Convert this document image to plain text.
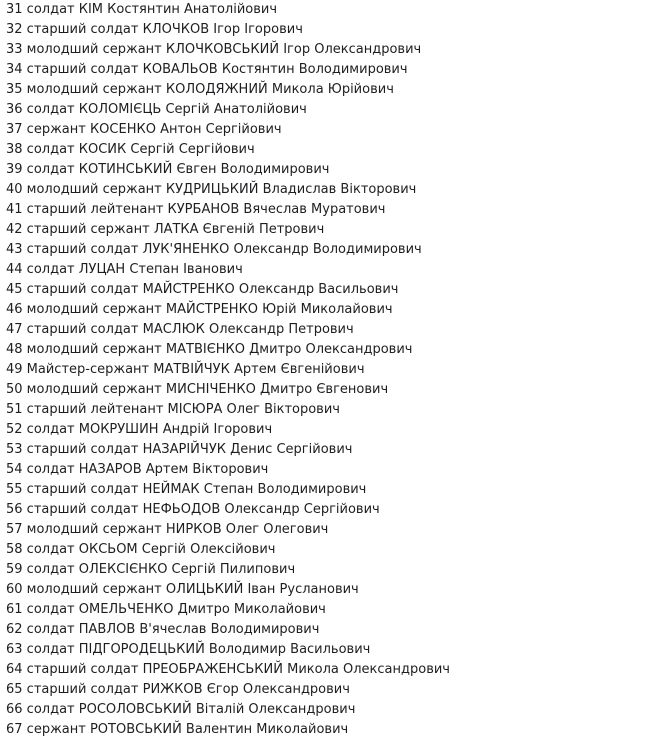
31 солдат КІМ Костянтин Анатолійович
32 старший солдат КЛОЧКОВ Ігор Ігорович
33 молодший сержант КЛОЧКОВСЬКИЙ Ігор Олександрович
34 старший солдат КОВАЛЬОВ Костянтин Володимирович
35 молодший сержант КОЛОДЯЖНИЙ Микола Юрійович
36 солдат КОЛОМІЄЦЬ Сергій Анатолійович
37 сержант КОСЕНКО Антон Сергійович
38 солдат КОСИК Сергій Сергійович
39 солдат КОТИНСЬКИЙ Євген Володимирович
40 молодший сержант КУДРИЦЬКИЙ Владислав Вікторович
41 старший лейтенант КУРБАНОВ Вячеслав Муратович
42 старший сержант ЛАТКА Євгеній Петрович
43 старший солдат ЛУК'ЯНЕНКО Олександр Володимирович
44 солдат ЛУЦАН Степан Іванович
45 старший солдат МАЙСТРЕНКО Олександр Васильович
46 молодший сержант МАЙСТРЕНКО Юрій Миколайович
47 старший солдат МАСЛЮК Олександр Петрович
48 молодший сержант МАТВІЄНКО Дмитро Олександрович
49 Майстер-сержант МАТВІЙЧУК Артем Євгенійович
50 молодший сержант МИСНІЧЕНКО Дмитро Євгенович
51 старший лейтенант МІСЮРА Олег Вікторович
52 солдат МОКРУШИН Андрій Ігорович
53 старший солдат НАЗАРІЙЧУК Денис Сергійович
54 солдат НАЗАРОВ Артем Вікторович
55 старший солдат НЕЙМАК Степан Володимирович
56 старший солдат НЕФЬОДОВ Олександр Сергійович
57 молодший сержант НИРКОВ Олег Олегович
58 солдат ОКСЬОМ Сергій Олексійович
59 солдат ОЛЕКСІЄНКО Сергій Пилипович
60 молодший сержант ОЛИЦЬКИЙ Іван Русланович
61 солдат ОМЕЛЬЧЕНКО Дмитро Миколайович
62 солдат ПАВЛОВ В'ячеслав Володимирович
63 солдат ПІДГОРОДЕЦЬКИЙ Володимир Васильович
64 старший солдат ПРЕОБРАЖЕНСЬКИЙ Микола Олександрович
65 старший солдат РИЖКОВ Єгор Олександрович
66 солдат РОСОЛОВСЬКИЙ Віталій Олександрович
67 сержант РОТОВСЬКИЙ Валентин Миколайович
